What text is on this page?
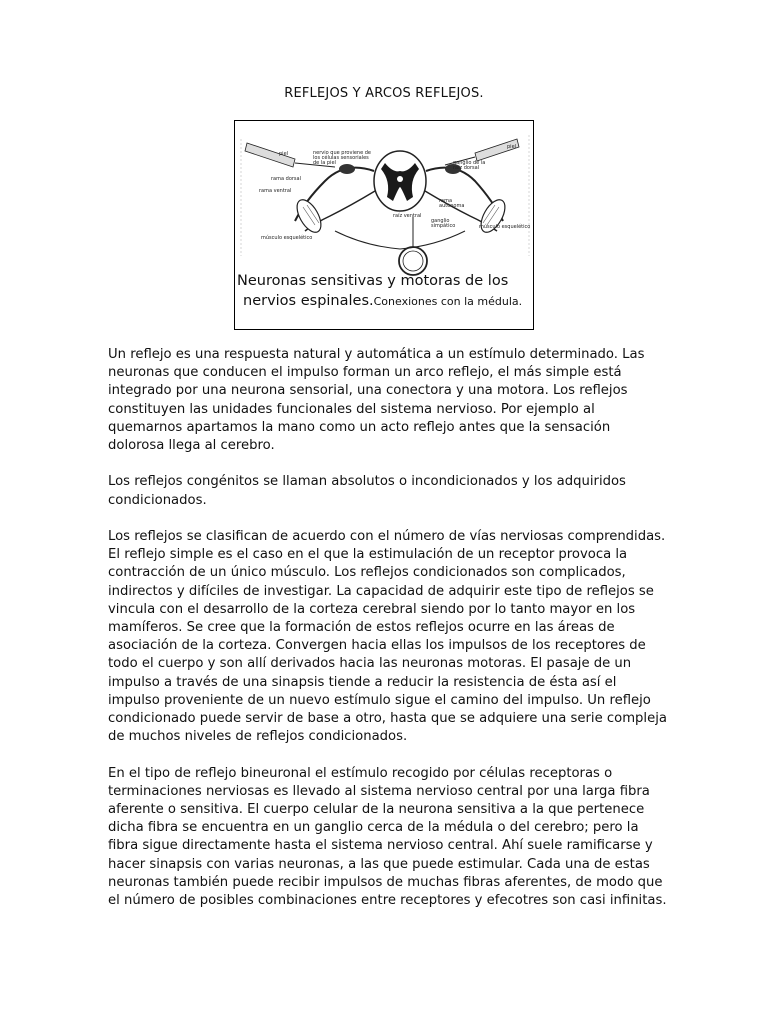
REFLEJOS Y ARCOS REFLEJOS.
piel
piel
nervio que proviene de los células sensoriales de la piel
rama dorsal
rama ventral
ganglio de la raíz dorsal
rama autónoma
raíz ventral
ganglio simpático
músculo esquelético
músculo esquelético
Neuronas sensitivas y motoras de los
nervios espinales.Conexiones con la médula.

Un reflejo es una respuesta natural y automática a un estímulo determinado. Las neuronas que conducen el impulso forman un arco reflejo, el más simple está integrado por una neurona sensorial, una conectora y una motora. Los reflejos constituyen las unidades funcionales del sistema nervioso. Por ejemplo al quemarnos apartamos la mano como un acto reflejo antes que la sensación dolorosa llega al cerebro.

Los reflejos congénitos se llaman absolutos o incondicionados y los adquiridos condicionados.

Los reflejos se clasifican de acuerdo con el número de vías nerviosas comprendidas. El reflejo simple es el caso en el que la estimulación de un receptor provoca la contracción de un único músculo. Los reflejos condicionados son complicados, indirectos y difíciles de investigar. La capacidad de adquirir este tipo de reflejos se vincula con el desarrollo de la corteza cerebral siendo por lo tanto mayor en los mamíferos. Se cree que la formación de estos reflejos ocurre en las áreas de asociación de la corteza. Convergen hacia ellas los impulsos de los receptores de todo el cuerpo y son allí derivados hacia las neuronas motoras. El pasaje de un impulso a través de una sinapsis tiende a reducir la resistencia de ésta así el impulso proveniente de un nuevo estímulo sigue el camino del impulso. Un reflejo condicionado puede servir de base a otro, hasta que se adquiere una serie compleja de muchos niveles de reflejos condicionados.

En el tipo de reflejo bineuronal el estímulo recogido por células receptoras o terminaciones nerviosas es llevado al sistema nervioso central por una larga fibra aferente o sensitiva. El cuerpo celular de la neurona sensitiva a la que pertenece dicha fibra se encuentra en un ganglio cerca de la médula o del cerebro; pero la fibra sigue directamente hasta el sistema nervioso central. Ahí suele ramificarse y hacer sinapsis con varias neuronas, a las que puede estimular. Cada una de estas neuronas también puede recibir impulsos de muchas fibras aferentes, de modo que el número de posibles combinaciones entre receptores y efecotres son casi infinitas.
